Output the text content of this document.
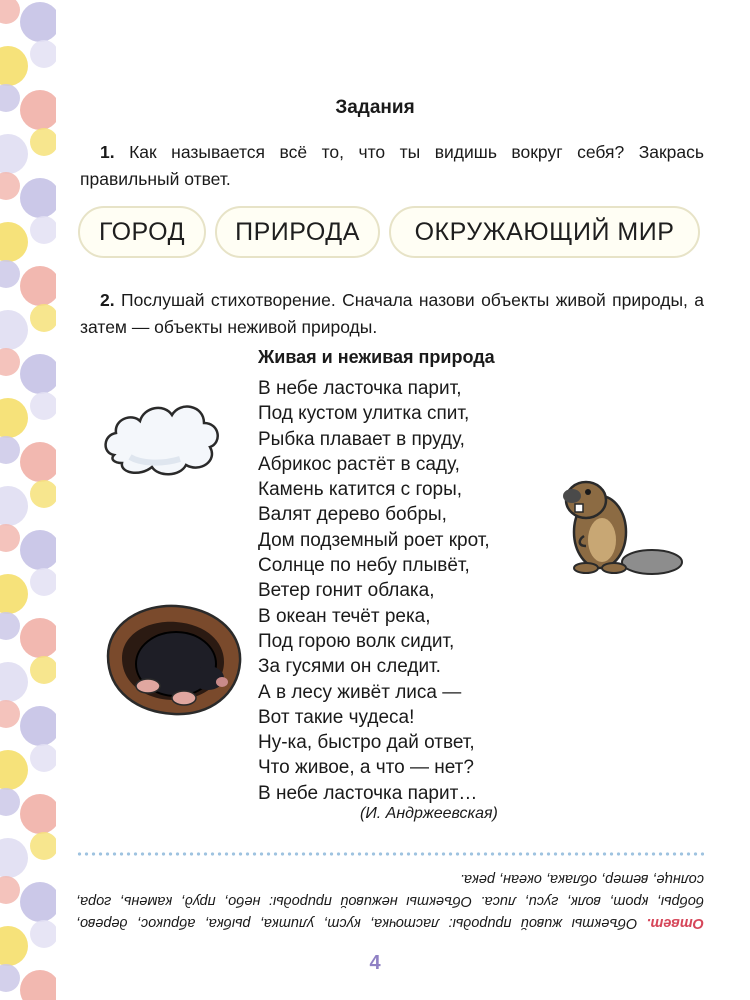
Задания
1. Как называется всё то, что ты видишь вокруг себя? Закрась правильный ответ.
ГОРОД	ПРИРОДА	ОКРУЖАЮЩИЙ МИР
2. Послушай стихотворение. Сначала назови объекты живой природы, а затем — объекты неживой природы.
Живая и неживая природа
В небе ласточка парит,
Под кустом улитка спит,
Рыбка плавает в пруду,
Абрикос растёт в саду,
Камень катится с горы,
Валят дерево бобры,
Дом подземный роет крот,
Солнце по небу плывёт,
Ветер гонит облака,
В океан течёт река,
Под горою волк сидит,
За гусями он следит.
А в лесу живёт лиса —
Вот такие чудеса!
Ну-ка, быстро дай ответ,
Что живое, а что — нет?
В небе ласточка парит…
(И. Андржеевская)
Ответ. Объекты живой природы: ласточка, куст, улитка, рыбка, абрикос, дерево, бобры, крот, волк, гуси, лиса. Объекты неживой природы: небо, пруд, камень, гора, солнце, ветер, облака, океан, река.
4
